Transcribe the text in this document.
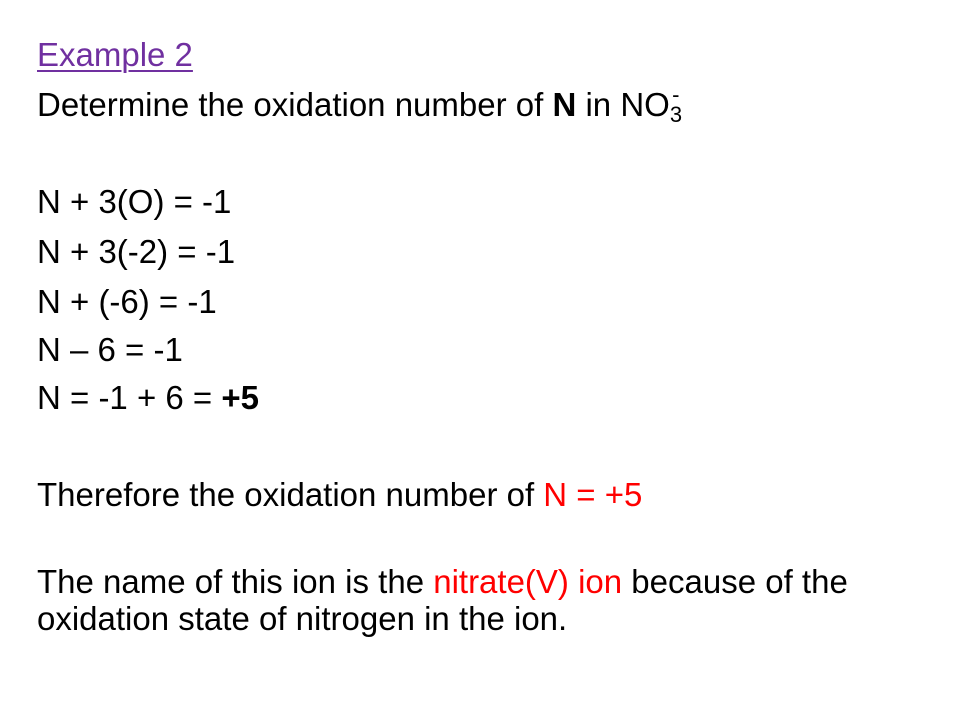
Example 2
Determine the oxidation number of N in $NO_3^-$
N + 3(O) = -1
N + 3(-2) = -1
N + (-6) = -1
N – 6 = -1
N = -1 + 6 = +5
Therefore the oxidation number of N = +5
The name of this ion is the nitrate(V) ion because of the oxidation state of nitrogen in the ion.
